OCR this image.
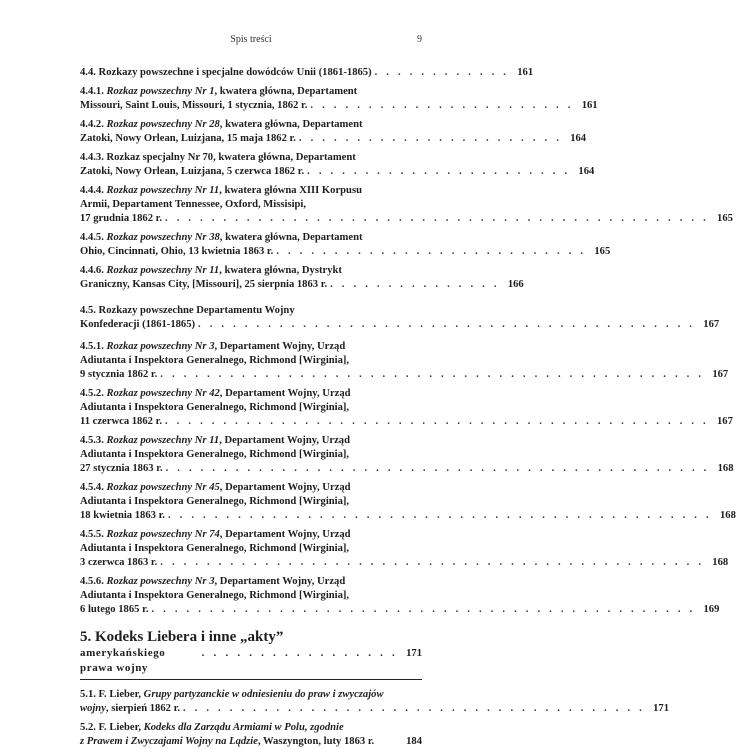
Spis treści	9
4.4. Rozkazy powszechne i specjalne dowódców Unii (1861-1865) . . . . . . . . . . . . 161
4.4.1. Rozkaz powszechny Nr 1, kwatera główna, Departament
Missouri, Saint Louis, Missouri, 1 stycznia, 1862 r. . . . . . . . . . . . . . . . . . . . . . . . 161
4.4.2. Rozkaz powszechny Nr 28, kwatera główna, Departament
Zatoki, Nowy Orlean, Luizjana, 15 maja 1862 r. . . . . . . . . . . . . . . . . . . . . . . . 164
4.4.3. Rozkaz specjalny Nr 70, kwatera główna, Departament
Zatoki, Nowy Orlean, Luizjana, 5 czerwca 1862 r. . . . . . . . . . . . . . . . . . . . . . . . 164
4.4.4. Rozkaz powszechny Nr 11, kwatera główna XIII Korpusu
Armii, Departament Tennessee, Oxford, Missisipi,
17 grudnia 1862 r. . . . . . . . . . . . . . . . . . . . . . . . . . . . . . . . . . . . . . . . . . . . . . . . 165
4.4.5. Rozkaz powszechny Nr 38, kwatera główna, Departament
Ohio, Cincinnati, Ohio, 13 kwietnia 1863 r. . . . . . . . . . . . . . . . . . . . . . . . . . . . 165
4.4.6. Rozkaz powszechny Nr 11, kwatera główna, Dystrykt
Graniczny, Kansas City, [Missouri], 25 sierpnia 1863 r. . . . . . . . . . . . . . . . 166
4.5. Rozkazy powszechne Departamentu Wojny
Konfederacji (1861-1865) . . . . . . . . . . . . . . . . . . . . . . . . . . . . . . . . . . . . . . . . . . . 167
4.5.1. Rozkaz powszechny Nr 3, Departament Wojny, Urząd
Adiutanta i Inspektora Generalnego, Richmond [Wirginia],
9 stycznia 1862 r. . . . . . . . . . . . . . . . . . . . . . . . . . . . . . . . . . . . . . . . . . . . . . . . 167
4.5.2. Rozkaz powszechny Nr 42, Departament Wojny, Urząd
Adiutanta i Inspektora Generalnego, Richmond [Wirginia],
11 czerwca 1862 r. . . . . . . . . . . . . . . . . . . . . . . . . . . . . . . . . . . . . . . . . . . . . . . . 167
4.5.3. Rozkaz powszechny Nr 11, Departament Wojny, Urząd
Adiutanta i Inspektora Generalnego, Richmond [Wirginia],
27 stycznia 1863 r. . . . . . . . . . . . . . . . . . . . . . . . . . . . . . . . . . . . . . . . . . . . . . . . 168
4.5.4. Rozkaz powszechny Nr 45, Departament Wojny, Urząd
Adiutanta i Inspektora Generalnego, Richmond [Wirginia],
18 kwietnia 1863 r. . . . . . . . . . . . . . . . . . . . . . . . . . . . . . . . . . . . . . . . . . . . . . . . 168
4.5.5. Rozkaz powszechny Nr 74, Departament Wojny, Urząd
Adiutanta i Inspektora Generalnego, Richmond [Wirginia],
3 czerwca 1863 r. . . . . . . . . . . . . . . . . . . . . . . . . . . . . . . . . . . . . . . . . . . . . . . . 168
4.5.6. Rozkaz powszechny Nr 3, Departament Wojny, Urząd
Adiutanta i Inspektora Generalnego, Richmond [Wirginia],
6 lutego 1865 r. . . . . . . . . . . . . . . . . . . . . . . . . . . . . . . . . . . . . . . . . . . . . . . . 169
5. Kodeks Liebera i inne „akty”
amerykańskiego prawa wojny
. . . . . . . . . . . . . . . . . 171
5.1. F. Lieber, Grupy partyzanckie w odniesieniu do praw i zwyczajów
wojny, sierpień 1862 r. . . . . . . . . . . . . . . . . . . . . . . . . . . . . . . . . . . . . . . . . 171
5.2. F. Lieber, Kodeks dla Zarządu Armiami w Polu, zgodnie
z Prawem i Zwyczajami Wojny na Lądzie, Waszyngton, luty 1863 r.	184
